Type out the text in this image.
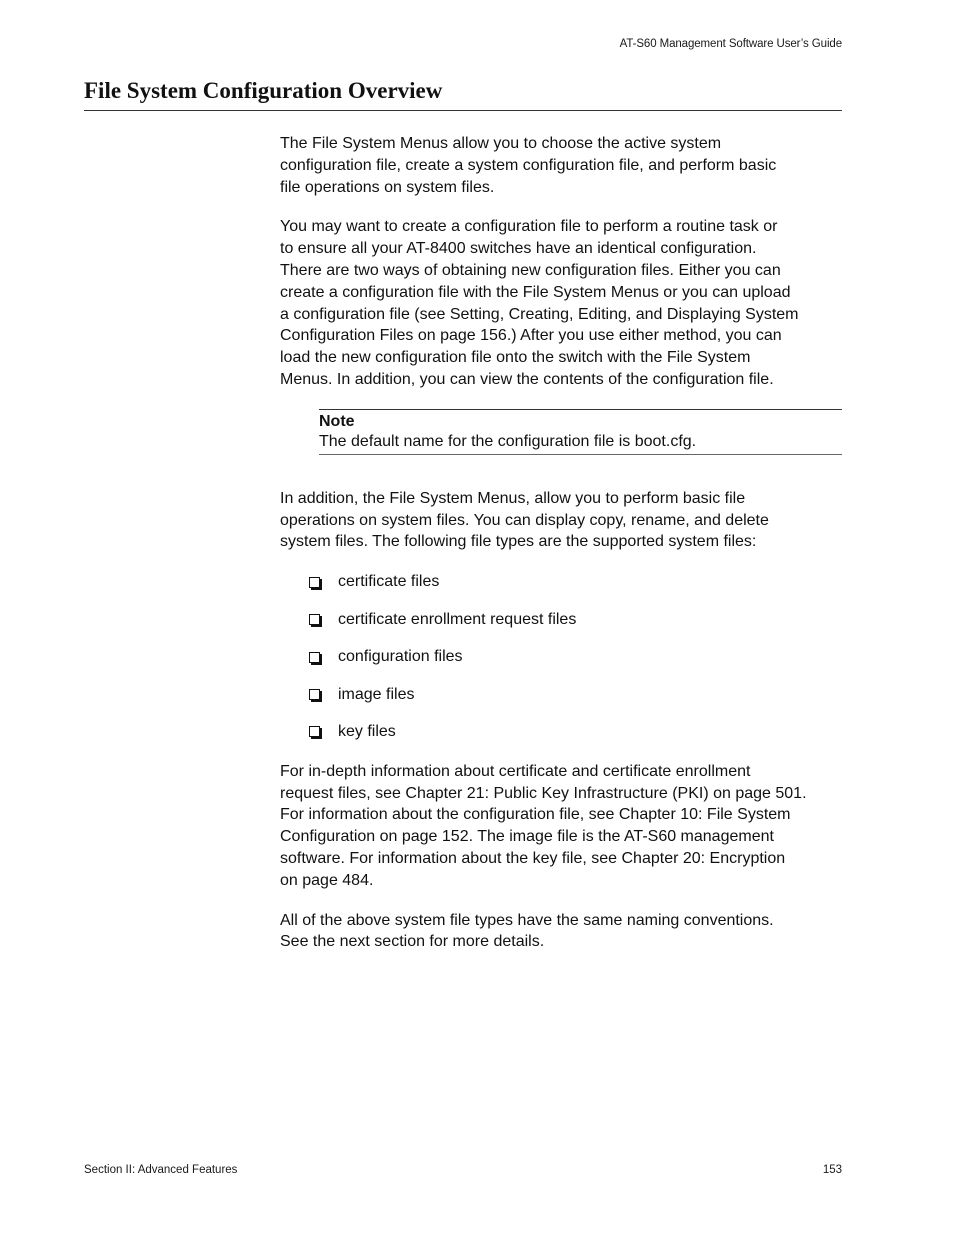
AT-S60 Management Software User’s Guide
File System Configuration Overview

The File System Menus allow you to choose the active system
configuration file, create a system configuration file, and perform basic
file operations on system files.

You may want to create a configuration file to perform a routine task or
to ensure all your AT-8400 switches have an identical configuration.
There are two ways of obtaining new configuration files. Either you can
create a configuration file with the File System Menus or you can upload
a configuration file (see Setting, Creating, Editing, and Displaying System
Configuration Files on page 156.) After you use either method, you can
load the new configuration file onto the switch with the File System
Menus. In addition, you can view the contents of the configuration file.

Note
The default name for the configuration file is boot.cfg.

In addition, the File System Menus, allow you to perform basic file
operations on system files. You can display copy, rename, and delete
system files. The following file types are the supported system files:

certificate files
certificate enrollment request files
configuration files
image files
key files

For in-depth information about certificate and certificate enrollment
request files, see Chapter 21: Public Key Infrastructure (PKI) on page 501.
For information about the configuration file, see Chapter 10: File System
Configuration on page 152. The image file is the AT-S60 management
software. For information about the key file, see Chapter 20: Encryption
on page 484.

All of the above system file types have the same naming conventions.
See the next section for more details.

Section II: Advanced Features	153
